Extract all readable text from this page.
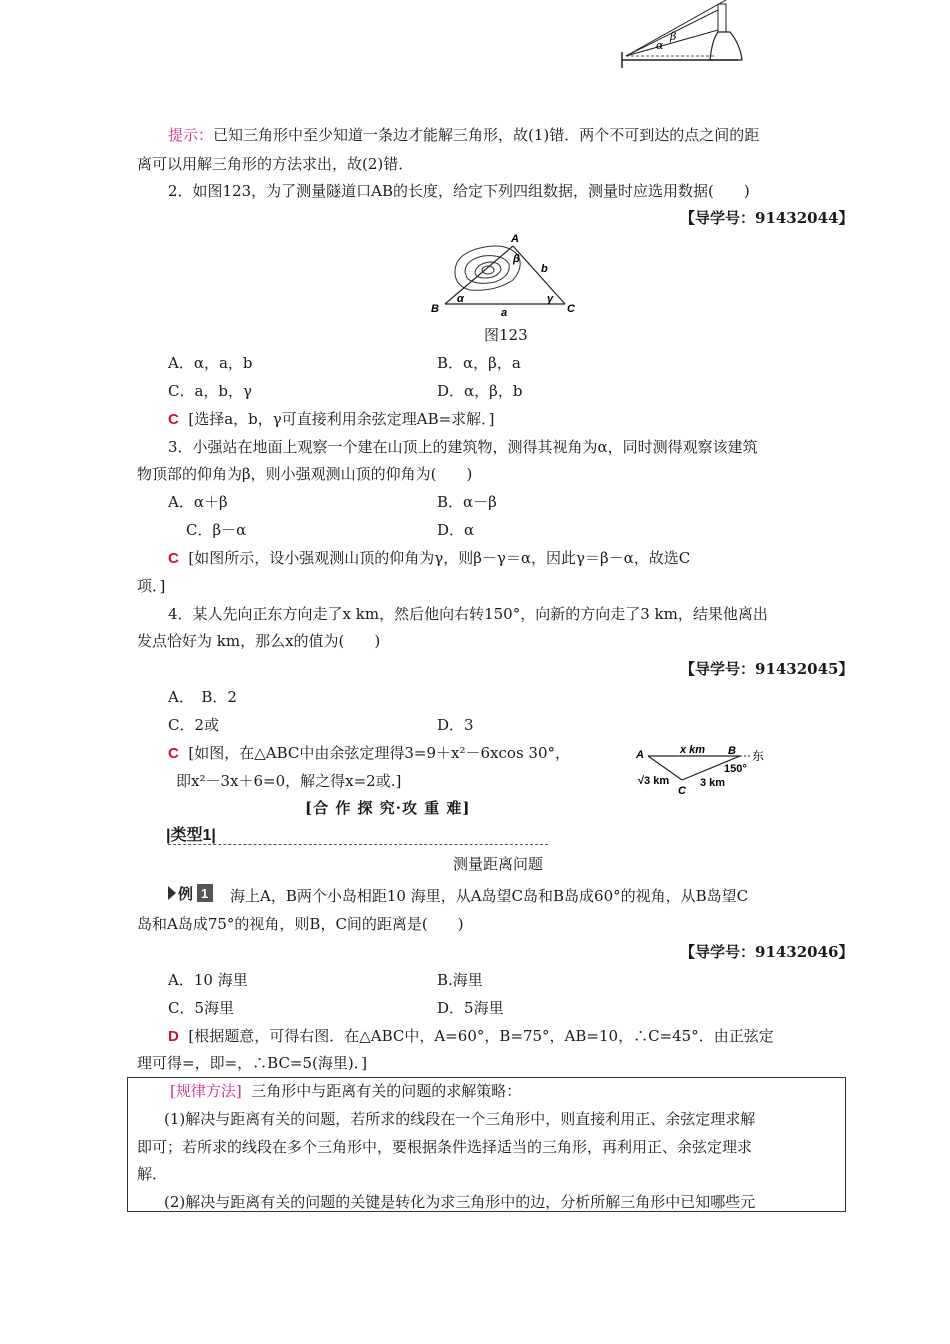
α
β
提示：已知三角形中至少知道一条边才能解三角形，故(1)错．两个不可到达的点之间的距
离可以用解三角形的方法求出，故(2)错．
2．如图123，为了测量隧道口AB的长度，给定下列四组数据，测量时应选用数据(　　)
【导学号：91432044】
A
B	C
a
b
α
β
γ
图123
A．α，a，b	B．α，β，a
C．a，b，γ	D．α，β，b
C [选择a，b，γ可直接利用余弦定理AB=求解．]
3．小强站在地面上观察一个建在山顶上的建筑物，测得其视角为α，同时测得观察该建筑
物顶部的仰角为β，则小强观测山顶的仰角为(　　)
A．α＋β	B．α－β
C．β－α	D．α
C [如图所示，设小强观测山顶的仰角为γ，则β－γ＝α，因此γ＝β－α，故选C
项．]
4．某人先向正东方向走了x km，然后他向右转150°，向新的方向走了3 km，结果他离出
发点恰好为 km，那么x的值为(　　)
【导学号：91432045】
A．　B．2
C．2或	D．3
C [如图，在△ABC中由余弦定理得3=9＋x²－6xcos 30°，
即x²－3x＋6=0，解之得x=2或.]
A	B
C
x km	东
150°
√3 km	3 km
[合 作 探 究·攻 重 难]
|类型1|
测量距离问题
例 1 海上A，B两个小岛相距10 海里，从A岛望C岛和B岛成60°的视角，从B岛望C
岛和A岛成75°的视角，则B，C间的距离是(　　)
【导学号：91432046】
A．10 海里	B.海里
C．5海里	D．5海里
D [根据题意，可得右图．在△ABC中，A=60°，B=75°，AB=10，∴C=45°．由正弦定
理可得=，即=，∴BC=5(海里)．]
[规律方法] 三角形中与距离有关的问题的求解策略：
(1)解决与距离有关的问题，若所求的线段在一个三角形中，则直接利用正、余弦定理求解
即可；若所求的线段在多个三角形中，要根据条件选择适当的三角形，再利用正、余弦定理求
解．
(2)解决与距离有关的问题的关键是转化为求三角形中的边，分析所解三角形中已知哪些元
